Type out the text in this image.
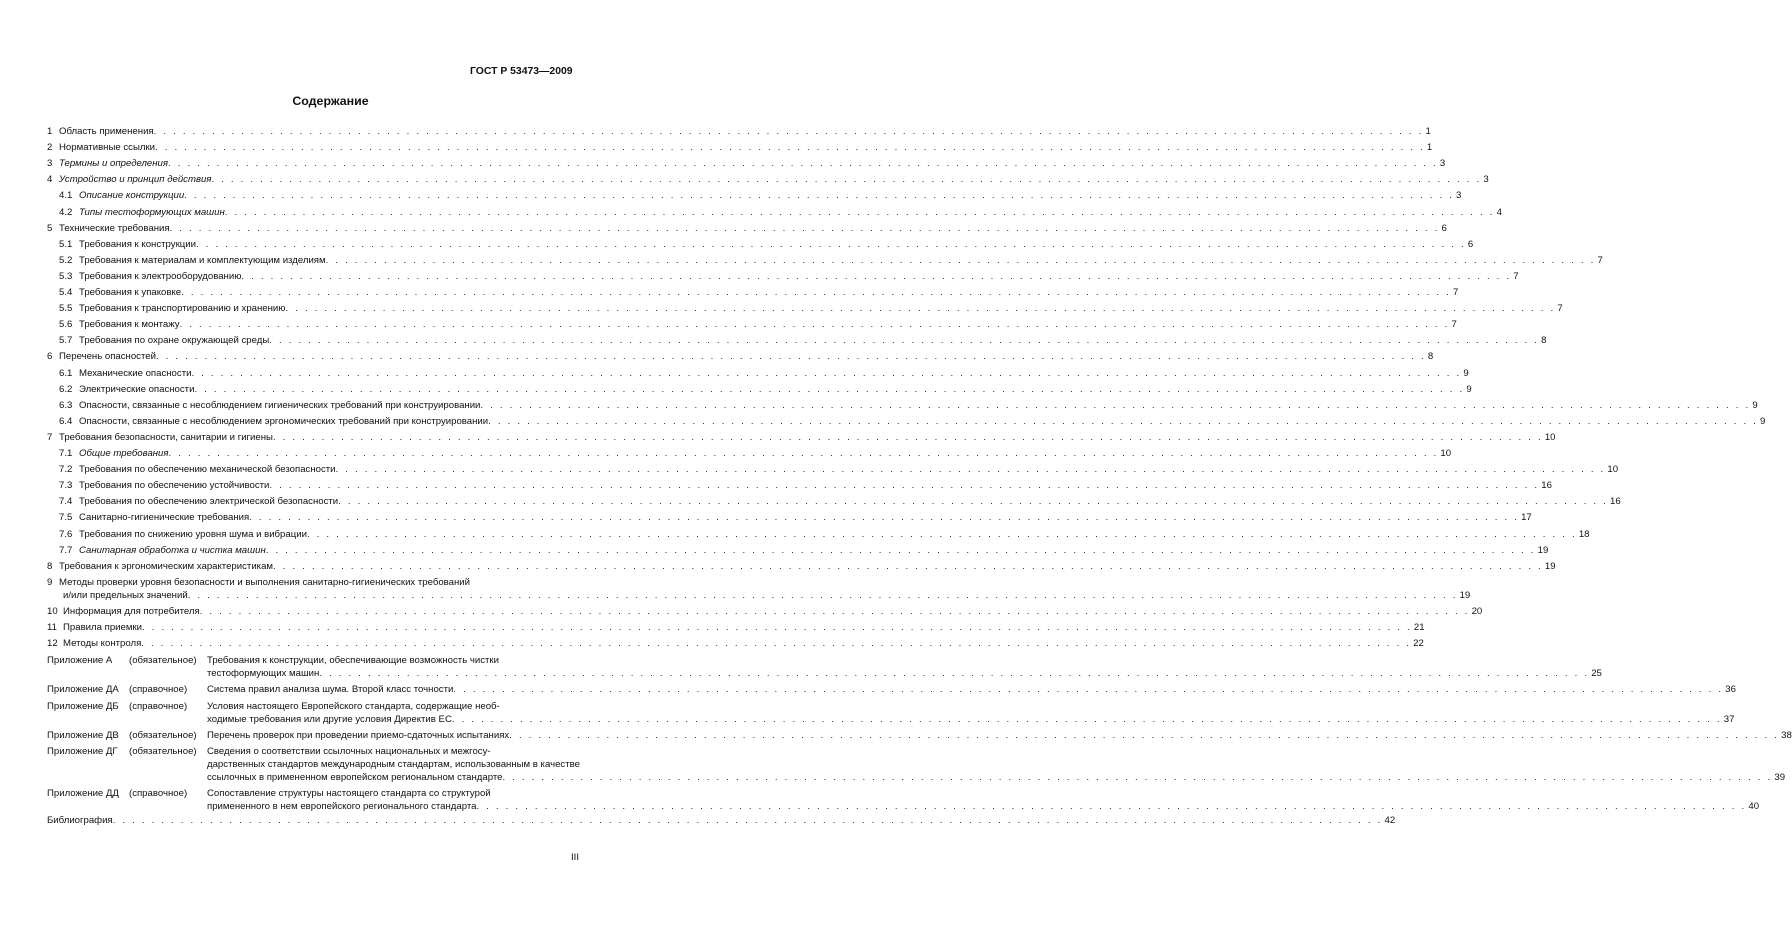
ГОСТ Р 53473—2009
Содержание
1 Область применения . . . . . . . . . . . . . . . . . . . . . . . . . . . . . . . . . . . . . . . . . . . . . . . . . . . . . . . . . . . . . . . . . . . . . . . . . . . . . . . . . . . . . . . . . . . . . . . . . . . . . . . . . . . . . . . . . . . . . . . . . . . . . . . . . . . 1
2 Нормативные ссылки . . . . . . . . . . . . . . . . . . . . . . . . . . . . . . . . . . . . . . . . . . . . . . . . . . . . . . . . . . . . . . . . . . . . . . . . . . . . . . . . . . . . . . . . . . . . . . . . . . . . . . . . . . . . . . . . . . . . . . . . . . . . . . . . . . . 1
3 Термины и определения . . . . . . . . . . . . . . . . . . . . . . . . . . . . . . . . . . . . . . . . . . . . . . . . . . . . . . . . . . . . . . . . . . . . . . . . . . . . . . . . . . . . . . . . . . . . . . . . . . . . . . . . . . . . . . . . . . . . . . . . . . . . . . . . . . . 3
4 Устройство и принцип действия . . . . . . . . . . . . . . . . . . . . . . . . . . . . . . . . . . . . . . . . . . . . . . . . . . . . . . . . . . . . . . . . . . . . . . . . . . . . . . . . . . . . . . . . . . . . . . . . . . . . . . . . . . . . . . . . . . . . . . . . . . . . . . . . . . . 3
4.1 Описание конструкции . . . . . . . . . . . . . . . . . . . . . . . . . . . . . . . . . . . . . . . . . . . . . . . . . . . . . . . . . . . . . . . . . . . . . . . . . . . . . . . . . . . . . . . . . . . . . . . . . . . . . . . . . . . . . . . . . . . . . . . . . . . . . . . . . . . 3
4.2 Типы тестоформующих машин . . . . . . . . . . . . . . . . . . . . . . . . . . . . . . . . . . . . . . . . . . . . . . . . . . . . . . . . . . . . . . . . . . . . . . . . . . . . . . . . . . . . . . . . . . . . . . . . . . . . . . . . . . . . . . . . . . . . . . . . . . . . . . . . . . . 4
5 Технические требования . . . . . . . . . . . . . . . . . . . . . . . . . . . . . . . . . . . . . . . . . . . . . . . . . . . . . . . . . . . . . . . . . . . . . . . . . . . . . . . . . . . . . . . . . . . . . . . . . . . . . . . . . . . . . . . . . . . . . . . . . . . . . . . . . . . 6
5.1 Требования к конструкции . . . . . . . . . . . . . . . . . . . . . . . . . . . . . . . . . . . . . . . . . . . . . . . . . . . . . . . . . . . . . . . . . . . . . . . . . . . . . . . . . . . . . . . . . . . . . . . . . . . . . . . . . . . . . . . . . . . . . . . . . . . . . . . . . . . 6
5.2 Требования к материалам и комплектующим изделиям . . . . . . . . . . . . . . . . . . . . . . . . . . . . . . . . . . . . . . . . . . . . . . . . . . . . . . . . . . . . . . . . . . . . . . . . . . . . . . . . . . . . . . . . . . . . . . . . . . . . . . . . . . . . . . . . . . . . . . . . . . . . . . . . . . . 7
5.3 Требования к электрооборудованию . . . . . . . . . . . . . . . . . . . . . . . . . . . . . . . . . . . . . . . . . . . . . . . . . . . . . . . . . . . . . . . . . . . . . . . . . . . . . . . . . . . . . . . . . . . . . . . . . . . . . . . . . . . . . . . . . . . . . . . . . . . . . . . . . . . 7
5.4 Требования к упаковке . . . . . . . . . . . . . . . . . . . . . . . . . . . . . . . . . . . . . . . . . . . . . . . . . . . . . . . . . . . . . . . . . . . . . . . . . . . . . . . . . . . . . . . . . . . . . . . . . . . . . . . . . . . . . . . . . . . . . . . . . . . . . . . . . . . 7
5.5 Требования к транспортированию и хранению . . . . . . . . . . . . . . . . . . . . . . . . . . . . . . . . . . . . . . . . . . . . . . . . . . . . . . . . . . . . . . . . . . . . . . . . . . . . . . . . . . . . . . . . . . . . . . . . . . . . . . . . . . . . . . . . . . . . . . . . . . . . . . . . . . . 7
5.6 Требования к монтажу . . . . . . . . . . . . . . . . . . . . . . . . . . . . . . . . . . . . . . . . . . . . . . . . . . . . . . . . . . . . . . . . . . . . . . . . . . . . . . . . . . . . . . . . . . . . . . . . . . . . . . . . . . . . . . . . . . . . . . . . . . . . . . . . . . . 7
5.7 Требования по охране окружающей среды . . . . . . . . . . . . . . . . . . . . . . . . . . . . . . . . . . . . . . . . . . . . . . . . . . . . . . . . . . . . . . . . . . . . . . . . . . . . . . . . . . . . . . . . . . . . . . . . . . . . . . . . . . . . . . . . . . . . . . . . . . . . . . . . . . . 8
6 Перечень опасностей . . . . . . . . . . . . . . . . . . . . . . . . . . . . . . . . . . . . . . . . . . . . . . . . . . . . . . . . . . . . . . . . . . . . . . . . . . . . . . . . . . . . . . . . . . . . . . . . . . . . . . . . . . . . . . . . . . . . . . . . . . . . . . . . . . . 8
6.1 Механические опасности . . . . . . . . . . . . . . . . . . . . . . . . . . . . . . . . . . . . . . . . . . . . . . . . . . . . . . . . . . . . . . . . . . . . . . . . . . . . . . . . . . . . . . . . . . . . . . . . . . . . . . . . . . . . . . . . . . . . . . . . . . . . . . . . . . . 9
6.2 Электрические опасности . . . . . . . . . . . . . . . . . . . . . . . . . . . . . . . . . . . . . . . . . . . . . . . . . . . . . . . . . . . . . . . . . . . . . . . . . . . . . . . . . . . . . . . . . . . . . . . . . . . . . . . . . . . . . . . . . . . . . . . . . . . . . . . . . . . 9
6.3 Опасности, связанные с несоблюдением гигиенических требований при конструировании . . . . . . . . . . . . . . . . . . . . . . . . . . . . . . . . . . . . . . . . . . . . . . . . . . . . . . . . . . . . . . . . . . . . . . . . . . . . . . . . . . . . . . . . . . . . . . . . . . . . . . . . . . . . . . . . . . . . . . . . . . . . . . . . . . . 9
6.4 Опасности, связанные с несоблюдением эргономических требований при конструировании . . . . . . . . . . . . . . . . . . . . . . . . . . . . . . . . . . . . . . . . . . . . . . . . . . . . . . . . . . . . . . . . . . . . . . . . . . . . . . . . . . . . . . . . . . . . . . . . . . . . . . . . . . . . . . . . . . . . . . . . . . . . . . . . . . . 9
7 Требования безопасности, санитарии и гигиены . . . . . . . . . . . . . . . . . . . . . . . . . . . . . . . . . . . . . . . . . . . . . . . . . . . . . . . . . . . . . . . . . . . . . . . . . . . . . . . . . . . . . . . . . . . . . . . . . . . . . . . . . . . . . . . . . . . . . . . . . . . . . . . . . . . 10
7.1 Общие требования . . . . . . . . . . . . . . . . . . . . . . . . . . . . . . . . . . . . . . . . . . . . . . . . . . . . . . . . . . . . . . . . . . . . . . . . . . . . . . . . . . . . . . . . . . . . . . . . . . . . . . . . . . . . . . . . . . . . . . . . . . . . . . . . . . . 10
7.2 Требования по обеспечению механической безопасности . . . . . . . . . . . . . . . . . . . . . . . . . . . . . . . . . . . . . . . . . . . . . . . . . . . . . . . . . . . . . . . . . . . . . . . . . . . . . . . . . . . . . . . . . . . . . . . . . . . . . . . . . . . . . . . . . . . . . . . . . . . . . . . . . . . 10
7.3 Требования по обеспечению устойчивости . . . . . . . . . . . . . . . . . . . . . . . . . . . . . . . . . . . . . . . . . . . . . . . . . . . . . . . . . . . . . . . . . . . . . . . . . . . . . . . . . . . . . . . . . . . . . . . . . . . . . . . . . . . . . . . . . . . . . . . . . . . . . . . . . . . 16
7.4 Требования по обеспечению электрической безопасности . . . . . . . . . . . . . . . . . . . . . . . . . . . . . . . . . . . . . . . . . . . . . . . . . . . . . . . . . . . . . . . . . . . . . . . . . . . . . . . . . . . . . . . . . . . . . . . . . . . . . . . . . . . . . . . . . . . . . . . . . . . . . . . . . . . 16
7.5 Санитарно-гигиенические требования . . . . . . . . . . . . . . . . . . . . . . . . . . . . . . . . . . . . . . . . . . . . . . . . . . . . . . . . . . . . . . . . . . . . . . . . . . . . . . . . . . . . . . . . . . . . . . . . . . . . . . . . . . . . . . . . . . . . . . . . . . . . . . . . . . . 17
7.6 Требования по снижению уровня шума и вибрации . . . . . . . . . . . . . . . . . . . . . . . . . . . . . . . . . . . . . . . . . . . . . . . . . . . . . . . . . . . . . . . . . . . . . . . . . . . . . . . . . . . . . . . . . . . . . . . . . . . . . . . . . . . . . . . . . . . . . . . . . . . . . . . . . . . 18
7.7 Санитарная обработка и чистка машин . . . . . . . . . . . . . . . . . . . . . . . . . . . . . . . . . . . . . . . . . . . . . . . . . . . . . . . . . . . . . . . . . . . . . . . . . . . . . . . . . . . . . . . . . . . . . . . . . . . . . . . . . . . . . . . . . . . . . . . . . . . . . . . . . . . 19
8 Требования к эргономическим характеристикам . . . . . . . . . . . . . . . . . . . . . . . . . . . . . . . . . . . . . . . . . . . . . . . . . . . . . . . . . . . . . . . . . . . . . . . . . . . . . . . . . . . . . . . . . . . . . . . . . . . . . . . . . . . . . . . . . . . . . . . . . . . . . . . . . . . 19
9 Методы проверки уровня безопасности и выполнения санитарно-гигиенических требований
и/или предельных значений . . . . . . . . . . . . . . . . . . . . . . . . . . . . . . . . . . . . . . . . . . . . . . . . . . . . . . . . . . . . . . . . . . . . . . . . . . . . . . . . . . . . . . . . . . . . . . . . . . . . . . . . . . . . . . . . . . . . . . . . . . . . . . . . . . . 19
10 Информация для потребителя . . . . . . . . . . . . . . . . . . . . . . . . . . . . . . . . . . . . . . . . . . . . . . . . . . . . . . . . . . . . . . . . . . . . . . . . . . . . . . . . . . . . . . . . . . . . . . . . . . . . . . . . . . . . . . . . . . . . . . . . . . . . . . . . . . . 20
11 Правила приемки . . . . . . . . . . . . . . . . . . . . . . . . . . . . . . . . . . . . . . . . . . . . . . . . . . . . . . . . . . . . . . . . . . . . . . . . . . . . . . . . . . . . . . . . . . . . . . . . . . . . . . . . . . . . . . . . . . . . . . . . . . . . . . . . . . . 21
12 Методы контроля . . . . . . . . . . . . . . . . . . . . . . . . . . . . . . . . . . . . . . . . . . . . . . . . . . . . . . . . . . . . . . . . . . . . . . . . . . . . . . . . . . . . . . . . . . . . . . . . . . . . . . . . . . . . . . . . . . . . . . . . . . . . . . . . . . . 22
Приложение А (обязательное) Требования к конструкции, обеспечивающие возможность чистки
тестоформующих машин . . . . . . . . . . . . . . . . . . . . . . . . . . . . . . . . . . . . . . . . . . . . . . . . . . . . . . . . . . . . . . . . . . . . . . . . . . . . . . . . . . . . . . . . . . . . . . . . . . . . . . . . . . . . . . . . . . . . . . . . . . . . . . . . . . . 25
Приложение ДА	(справочное)	Система правил анализа шума. Второй класс точности . . . . . . . . . . . . . . . . . . . . . . . . . . . . . . . . . . . . . . . . . . . . . . . . . . . . . . . . . . . . . . . . . . . . . . . . . . . . . . . . . . . . . . . . . . . . . . . . . . . . . . . . . . . . . . . . . . . . . . . . . . . . . . . . . . . 36
Приложение ДБ (справочное) Условия настоящего Европейского стандарта, содержащие необ-
ходимые требования или другие условия Директив ЕС . . . . . . . . . . . . . . . . . . . . . . . . . . . . . . . . . . . . . . . . . . . . . . . . . . . . . . . . . . . . . . . . . . . . . . . . . . . . . . . . . . . . . . . . . . . . . . . . . . . . . . . . . . . . . . . . . . . . . . . . . . . . . . . . . . . 37
Приложение ДВ	(обязательное)	Перечень проверок при проведении приемо-сдаточных испытаниях . . . . . . . . . . . . . . . . . . . . . . . . . . . . . . . . . . . . . . . . . . . . . . . . . . . . . . . . . . . . . . . . . . . . . . . . . . . . . . . . . . . . . . . . . . . . . . . . . . . . . . . . . . . . . . . . . . . . . . . . . . . . . . . . . . . 38
Приложение ДГ (обязательное) Сведения о соответствии ссылочных национальных и межгосу-
дарственных стандартов международным стандартам, использованным в качестве
ссылочных в примененном европейском региональном стандарте . . . . . . . . . . . . . . . . . . . . . . . . . . . . . . . . . . . . . . . . . . . . . . . . . . . . . . . . . . . . . . . . . . . . . . . . . . . . . . . . . . . . . . . . . . . . . . . . . . . . . . . . . . . . . . . . . . . . . . . . . . . . . . . . . . . 39
Приложение ДД (справочное) Сопоставление структуры настоящего стандарта со структурой
примененного в нем европейского регионального стандарта . . . . . . . . . . . . . . . . . . . . . . . . . . . . . . . . . . . . . . . . . . . . . . . . . . . . . . . . . . . . . . . . . . . . . . . . . . . . . . . . . . . . . . . . . . . . . . . . . . . . . . . . . . . . . . . . . . . . . . . . . . . . . . . . . . . 40
Библиография . . . . . . . . . . . . . . . . . . . . . . . . . . . . . . . . . . . . . . . . . . . . . . . . . . . . . . . . . . . . . . . . . . . . . . . . . . . . . . . . . . . . . . . . . . . . . . . . . . . . . . . . . . . . . . . . . . . . . . . . . . . . . . . . . . . 42
III
